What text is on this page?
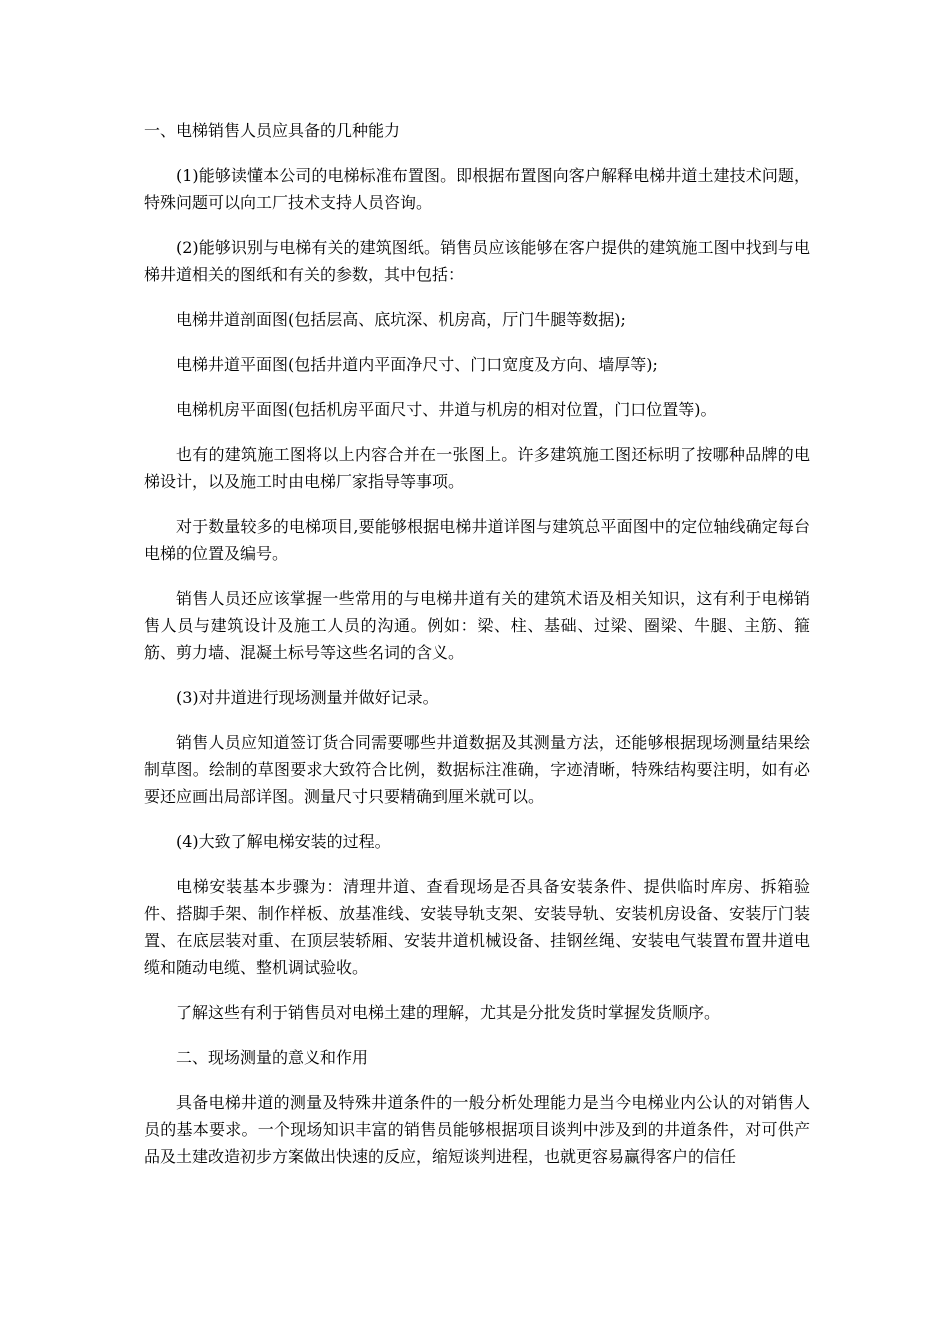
一、电梯销售人员应具备的几种能力

(1)能够读懂本公司的电梯标准布置图。即根据布置图向客户解释电梯井道土建技术问题，特殊问题可以向工厂技术支持人员咨询。

(2)能够识别与电梯有关的建筑图纸。销售员应该能够在客户提供的建筑施工图中找到与电梯井道相关的图纸和有关的参数，其中包括：

电梯井道剖面图(包括层高、底坑深、机房高，厅门牛腿等数据);

电梯井道平面图(包括井道内平面净尺寸、门口宽度及方向、墙厚等);

电梯机房平面图(包括机房平面尺寸、井道与机房的相对位置，门口位置等)。

也有的建筑施工图将以上内容合并在一张图上。许多建筑施工图还标明了按哪种品牌的电梯设计，以及施工时由电梯厂家指导等事项。

对于数量较多的电梯项目,要能够根据电梯井道详图与建筑总平面图中的定位轴线确定每台电梯的位置及编号。

销售人员还应该掌握一些常用的与电梯井道有关的建筑术语及相关知识，这有利于电梯销售人员与建筑设计及施工人员的沟通。例如：梁、柱、基础、过梁、圈梁、牛腿、主筋、箍筋、剪力墙、混凝土标号等这些名词的含义。

(3)对井道进行现场测量并做好记录。

销售人员应知道签订货合同需要哪些井道数据及其测量方法，还能够根据现场测量结果绘制草图。绘制的草图要求大致符合比例，数据标注准确，字迹清晰，特殊结构要注明，如有必要还应画出局部详图。测量尺寸只要精确到厘米就可以。

(4)大致了解电梯安装的过程。

电梯安装基本步骤为：清理井道、查看现场是否具备安装条件、提供临时库房、拆箱验件、搭脚手架、制作样板、放基准线、安装导轨支架、安装导轨、安装机房设备、安装厅门装置、在底层装对重、在顶层装轿厢、安装井道机械设备、挂钢丝绳、安装电气装置布置井道电缆和随动电缆、整机调试验收。

了解这些有利于销售员对电梯土建的理解，尤其是分批发货时掌握发货顺序。

二、现场测量的意义和作用

具备电梯井道的测量及特殊井道条件的一般分析处理能力是当今电梯业内公认的对销售人员的基本要求。一个现场知识丰富的销售员能够根据项目谈判中涉及到的井道条件，对可供产品及土建改造初步方案做出快速的反应，缩短谈判进程，也就更容易赢得客户的信任
